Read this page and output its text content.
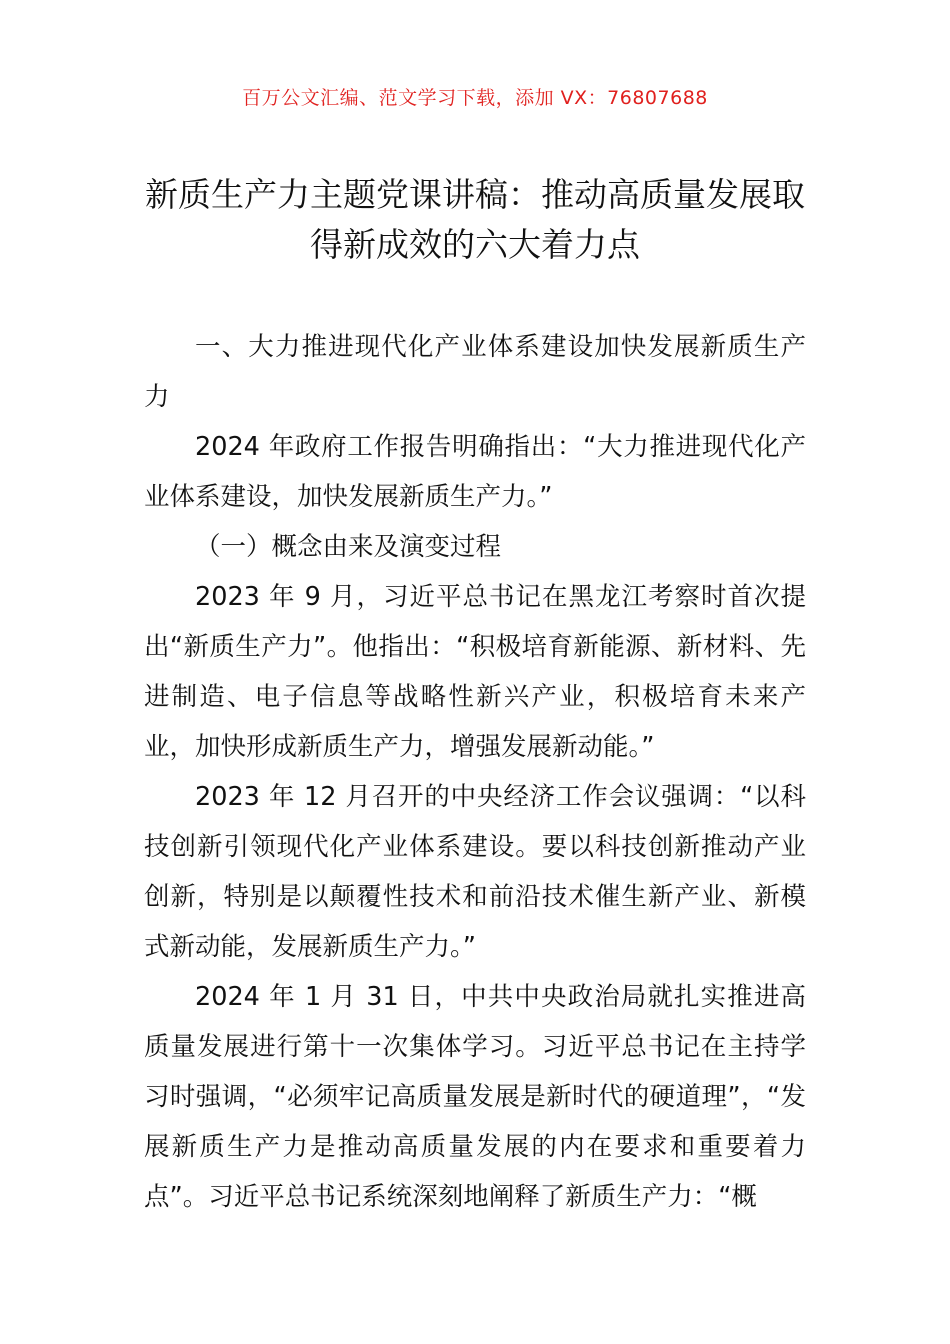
百万公文汇编、范文学习下载，添加 VX：76807688
新质生产力主题党课讲稿：推动高质量发展取得新成效的六大着力点

一、大力推进现代化产业体系建设加快发展新质生产力

2024 年政府工作报告明确指出：“大力推进现代化产业体系建设，加快发展新质生产力。”

（一）概念由来及演变过程

2023 年 9 月，习近平总书记在黑龙江考察时首次提出“新质生产力”。他指出：“积极培育新能源、新材料、先进制造、电子信息等战略性新兴产业，积极培育未来产业，加快形成新质生产力，增强发展新动能。”

2023 年 12 月召开的中央经济工作会议强调：“以科技创新引领现代化产业体系建设。要以科技创新推动产业创新，特别是以颠覆性技术和前沿技术催生新产业、新模式新动能，发展新质生产力。”

2024 年 1 月 31 日，中共中央政治局就扎实推进高质量发展进行第十一次集体学习。习近平总书记在主持学习时强调，“必须牢记高质量发展是新时代的硬道理”，“发展新质生产力是推动高质量发展的内在要求和重要着力点”。习近平总书记系统深刻地阐释了新质生产力：“概
